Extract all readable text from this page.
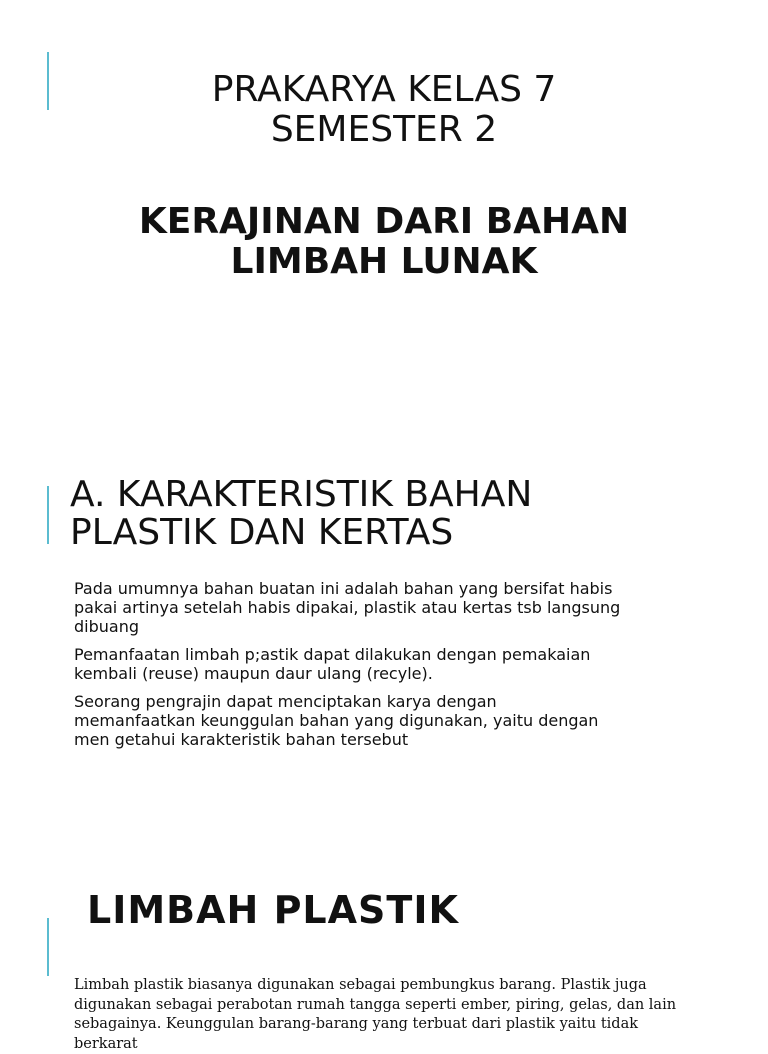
PRAKARYA KELAS 7
SEMESTER 2
KERAJINAN DARI BAHAN
LIMBAH LUNAK
A. KARAKTERISTIK BAHAN
PLASTIK DAN KERTAS

Pada umumnya bahan buatan ini adalah bahan yang bersifat habis
pakai artinya setelah habis dipakai, plastik atau kertas tsb langsung
dibuang

Pemanfaatan limbah p;astik dapat dilakukan dengan pemakaian
kembali (reuse) maupun daur ulang (recyle).

Seorang pengrajin dapat menciptakan karya dengan
memanfaatkan keunggulan bahan yang digunakan, yaitu dengan
men getahui karakteristik bahan tersebut

LIMBAH PLASTIK

Limbah plastik biasanya digunakan sebagai pembungkus barang. Plastik juga
digunakan sebagai perabotan rumah tangga seperti ember, piring, gelas, dan lain
sebagainya. Keunggulan barang-barang yang terbuat dari plastik yaitu tidak berkarat
